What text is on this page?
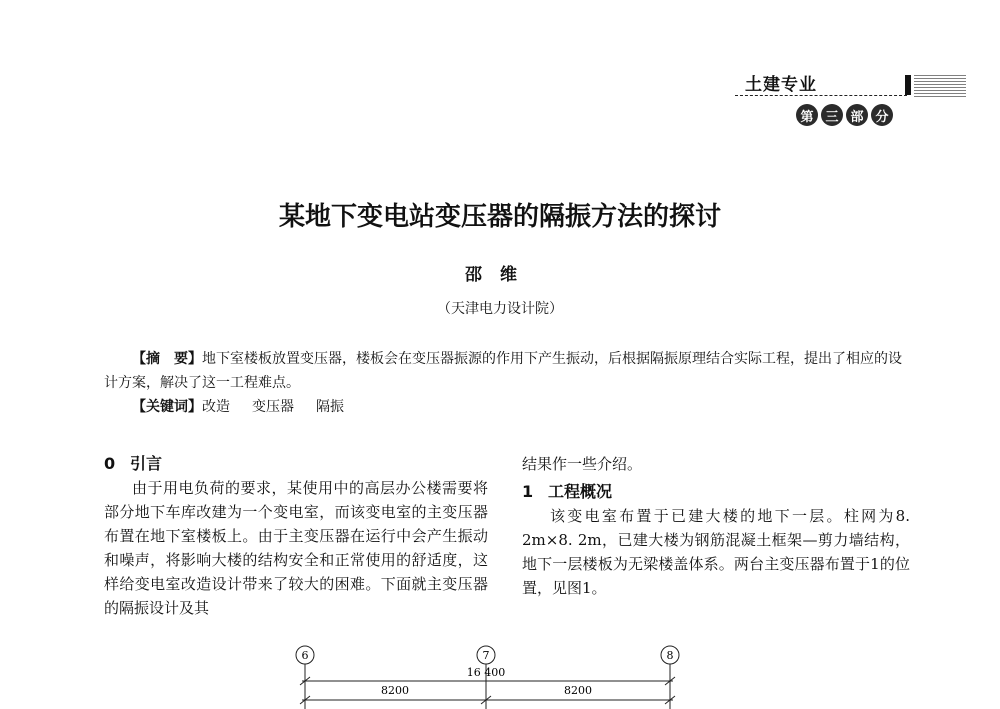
土建专业
第 三 部 分
某地下变电站变压器的隔振方法的探讨
邵维
（天津电力设计院）

【摘　要】地下室楼板放置变压器，楼板会在变压器振源的作用下产生振动，后根据隔振原理结合实际工程，提出了相应的设计方案，解决了这一工程难点。

【关键词】改造 变压器 隔振

0 引言

由于用电负荷的要求，某使用中的高层办公楼需要将部分地下车库改建为一个变电室，而该变电室的主变压器布置在地下室楼板上。由于主变压器在运行中会产生振动和噪声，将影响大楼的结构安全和正常使用的舒适度，这样给变电室改造设计带来了较大的困难。下面就主变压器的隔振设计及其

结果作一些介绍。

1 工程概况

该变电室布置于已建大楼的地下一层。柱网为8. 2m×8. 2m，已建大楼为钢筋混凝土框架—剪力墙结构，地下一层楼板为无梁楼盖体系。两台主变压器布置于1的位置，见图1。

6	7	8
16 400
8200	8200
